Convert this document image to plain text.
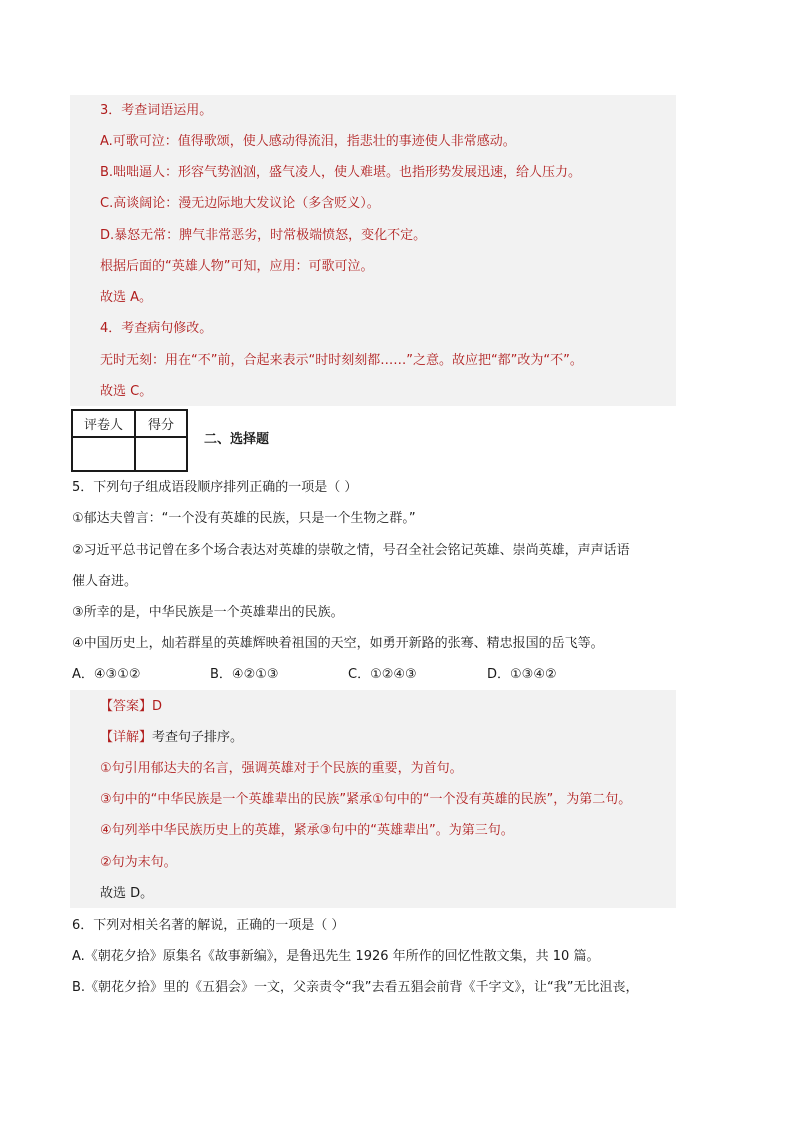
3．考查词语运用。
A.可歌可泣：值得歌颂，使人感动得流泪，指悲壮的事迹使人非常感动。
B.咄咄逼人：形容气势汹汹，盛气凌人，使人难堪。也指形势发展迅速，给人压力。
C.高谈阔论：漫无边际地大发议论（多含贬义）。
D.暴怒无常：脾气非常恶劣，时常极端愤怒，变化不定。
根据后面的“英雄人物”可知，应用：可歌可泣。
故选 A。
4．考查病句修改。
无时无刻：用在“不”前，合起来表示“时时刻刻都……”之意。故应把“都”改为“不”。
故选 C。
评卷人	得分

二、选择题
5．下列句子组成语段顺序排列正确的一项是（ ）
①郁达夫曾言：“一个没有英雄的民族，只是一个生物之群。”
②习近平总书记曾在多个场合表达对英雄的崇敬之情，号召全社会铭记英雄、崇尚英雄，声声话语
催人奋进。
③所幸的是，中华民族是一个英雄辈出的民族。
④中国历史上，灿若群星的英雄辉映着祖国的天空，如勇开新路的张骞、精忠报国的岳飞等。
A．④③①②	B．④②①③	C．①②④③	D．①③④②
【答案】D
【详解】考查句子排序。
①句引用郁达夫的名言，强调英雄对于个民族的重要，为首句。
③句中的“中华民族是一个英雄辈出的民族”紧承①句中的“一个没有英雄的民族”，为第二句。
④句列举中华民族历史上的英雄，紧承③句中的“英雄辈出”。为第三句。
②句为末句。
故选 D。
6．下列对相关名著的解说，正确的一项是（ ）
A.《朝花夕拾》原集名《故事新编》，是鲁迅先生 1926 年所作的回忆性散文集，共 10 篇。
B.《朝花夕拾》里的《五猖会》一文，父亲责令“我”去看五猖会前背《千字文》，让“我”无比沮丧，
